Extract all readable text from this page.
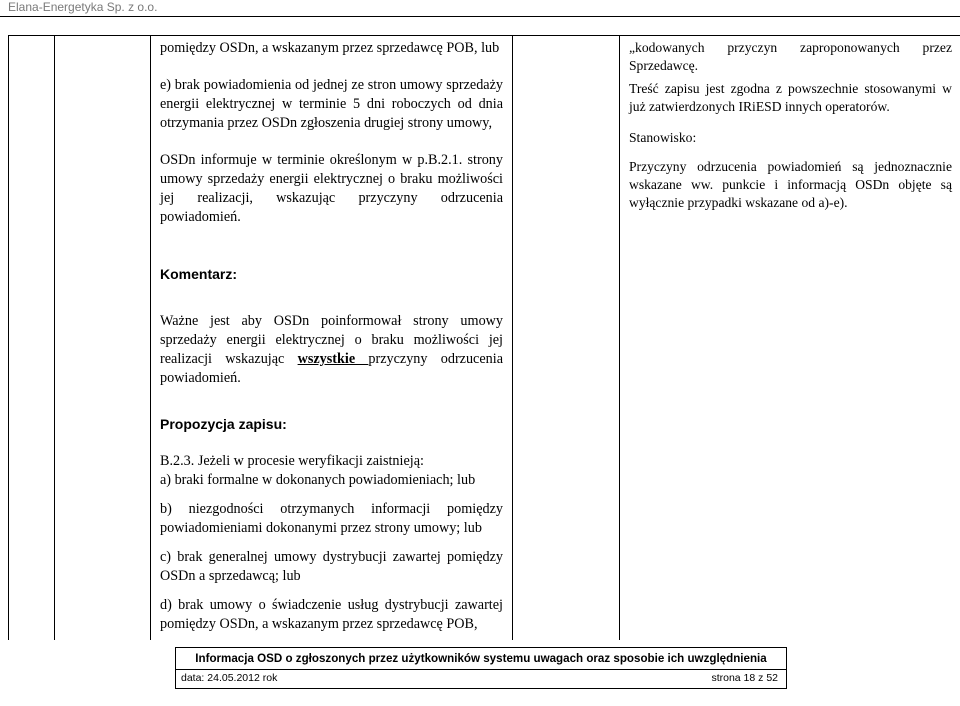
Elana-Energetyka Sp. z o.o.

pomiędzy OSDn, a wskazanym przez sprzedawcę POB, lub

e) brak powiadomienia od jednej ze stron umowy sprzedaży energii elektrycznej w terminie 5 dni roboczych od dnia otrzymania przez OSDn zgłoszenia drugiej strony umowy,

OSDn informuje w terminie określonym w p.B.2.1. strony umowy sprzedaży energii elektrycznej o braku możliwości jej realizacji, wskazując przyczyny odrzucenia powiadomień.

Komentarz:

Ważne jest aby OSDn poinformował strony umowy sprzedaży energii elektrycznej o braku możliwości jej realizacji wskazując wszystkie przyczyny odrzucenia powiadomień.

Propozycja zapisu:

B.2.3. Jeżeli w procesie weryfikacji zaistnieją:

a) braki formalne w dokonanych powiadomieniach; lub

b) niezgodności otrzymanych informacji pomiędzy powiadomieniami dokonanymi przez strony umowy; lub

c) brak generalnej umowy dystrybucji zawartej pomiędzy OSDn a sprzedawcą; lub

d) brak umowy o świadczenie usług dystrybucji zawartej pomiędzy OSDn, a wskazanym przez sprzedawcę POB,

„kodowanych przyczyn zaproponowanych przez Sprzedawcę.

Treść zapisu jest zgodna z powszechnie stosowanymi w już zatwierdzonych IRiESD innych operatorów.

Stanowisko:

Przyczyny odrzucenia powiadomień są jednoznacznie wskazane ww. punkcie i informacją OSDn objęte są wyłącznie przypadki wskazane od a)-e).

Informacja OSD o zgłoszonych przez użytkowników systemu uwagach oraz sposobie ich uwzględnienia
data: 24.05.2012 rok	strona 18 z 52
